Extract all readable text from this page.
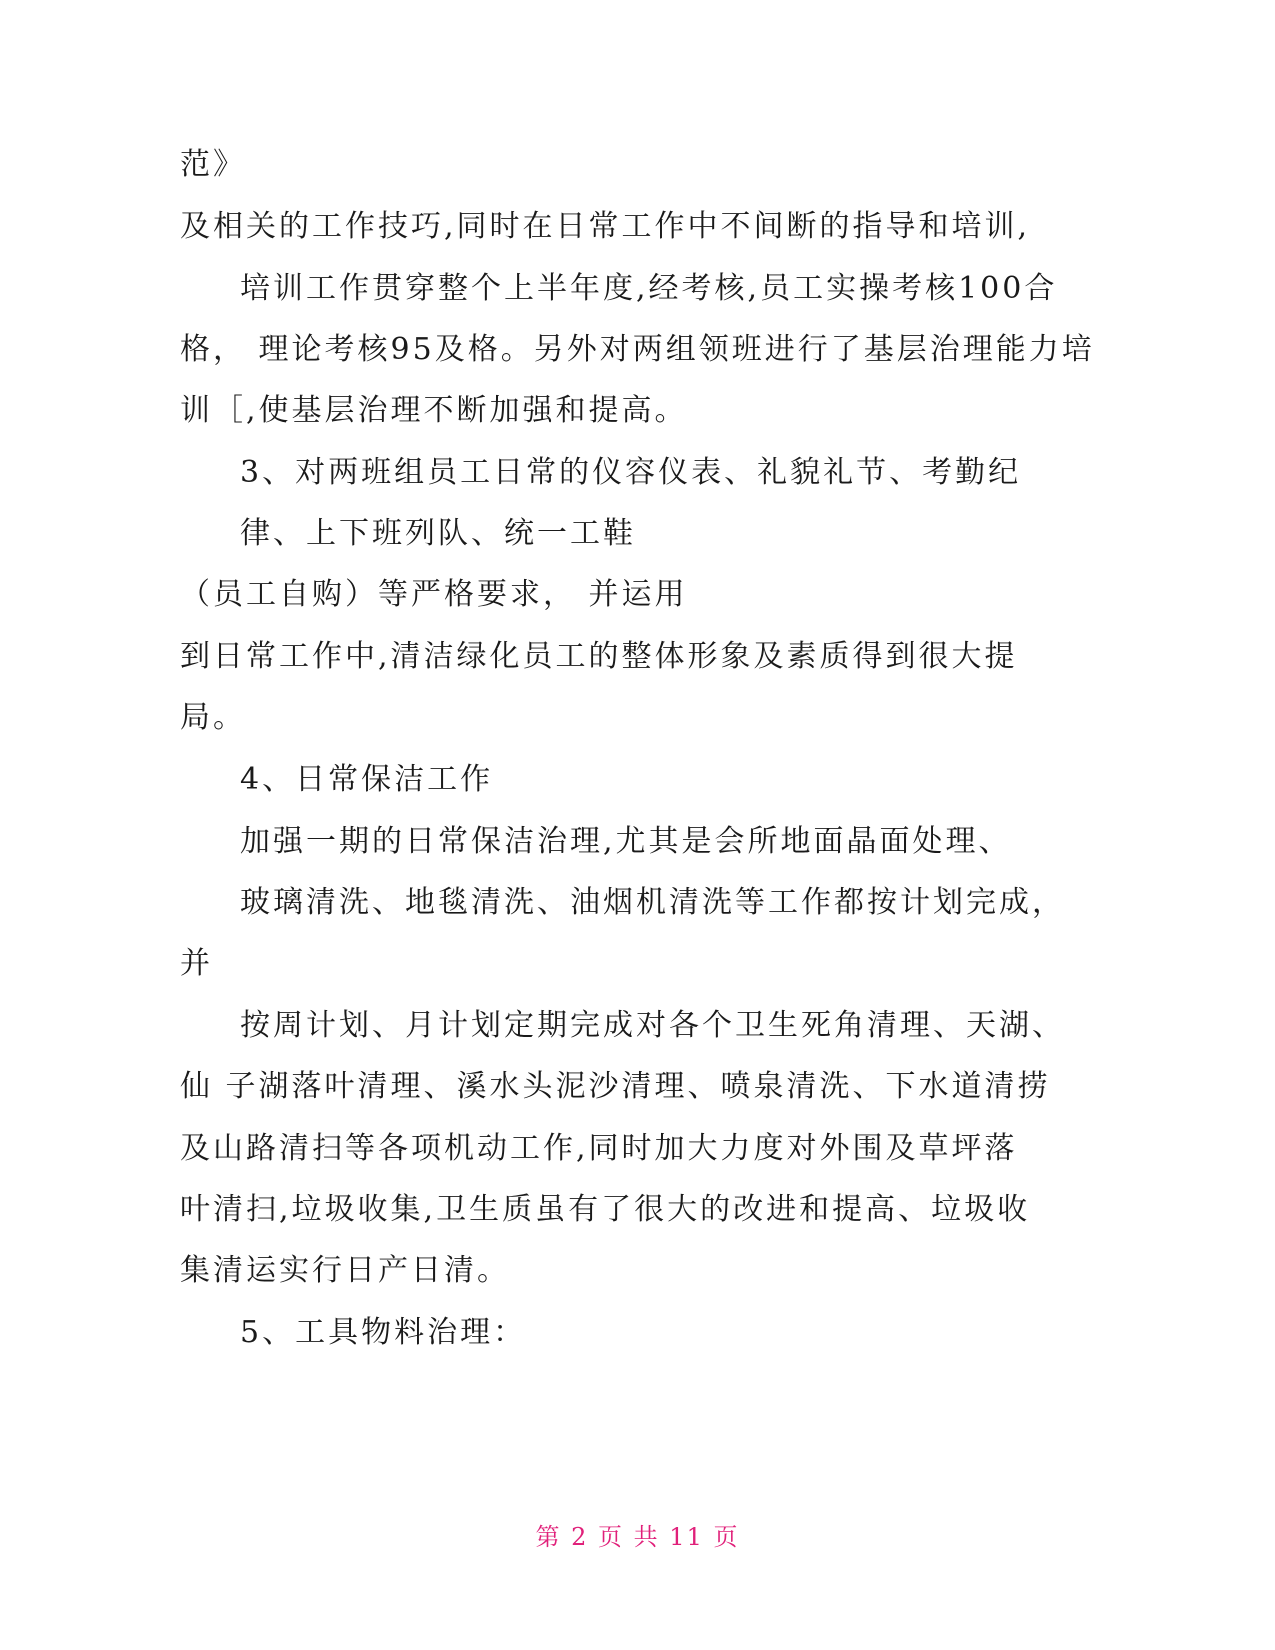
范》
及相关的工作技巧,同时在日常工作中不间断的指导和培训,
培训工作贯穿整个上半年度,经考核,员工实操考核100合
格， 理论考核95及格。另外对两组领班进行了基层治理能力培
训［,使基层治理不断加强和提高。
3、对两班组员工日常的仪容仪表、礼貌礼节、考勤纪
律、上下班列队、统一工鞋
（员工自购）等严格要求， 并运用
到日常工作中,清洁绿化员工的整体形象及素质得到很大提
局。
4、日常保洁工作
加强一期的日常保洁治理,尤其是会所地面晶面处理、
玻璃清洗、地毯清洗、油烟机清洗等工作都按计划完成，
并
按周计划、月计划定期完成对各个卫生死角清理、天湖、
仙 子湖落叶清理、溪水头泥沙清理、喷泉清洗、下水道清捞
及山路清扫等各项机动工作,同时加大力度对外围及草坪落
叶清扫,垃圾收集,卫生质虽有了很大的改进和提高、垃圾收
集清运实行日产日清。
5、工具物料治理：
第 2 页 共 11 页
